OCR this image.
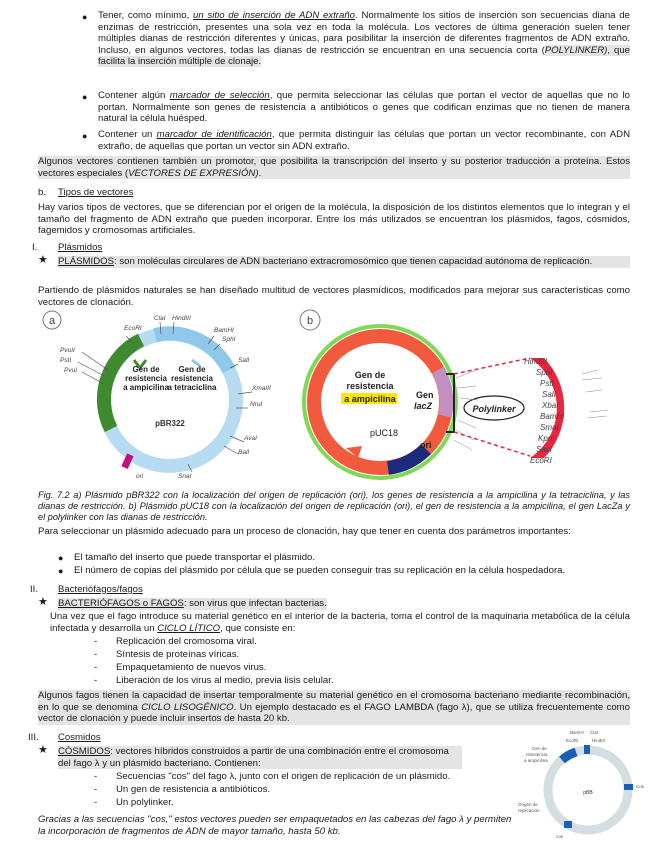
● Tener, como mínimo, un sitio de inserción de ADN extraño. Normalmente los sitios de inserción son secuencias diana de enzimas de restricción, presentes una sola vez en toda la molécula. Los vectores de última generación suelen tener múltiples dianas de restricción diferentes y únicas, para posibilitar la inserción de diferentes fragmentos de ADN extraño. Incluso, en algunos vectores, todas las dianas de restricción se encuentran en una secuencia corta (POLYLINKER), que facilita la inserción múltiple de clonaje.
● Contener algún marcador de selección, que permita seleccionar las células que portan el vector de aquellas que no lo portan. Normalmente son genes de resistencia a antibióticos o genes que codifican enzimas que no tienen de manera natural la célula huésped.
● Contener un marcador de identificación, que permita distinguir las células que portan un vector recombinante, con ADN extraño, de aquellas que portan un vector sin ADN extraño.
Algunos vectores contienen también un promotor, que posibilita la transcripción del inserto y su posterior traducción a proteína. Estos vectores especiales (VECTORES DE EXPRESIÓN).
b. Tipos de vectores
Hay varios tipos de vectores, que se diferencian por el origen de la molécula, la disposición de los distintos elementos que lo integran y el tamaño del fragmento de ADN extraño que pueden incorporar. Entre los más utilizados se encuentran los plásmidos, fagos, cósmidos, fagemidos y cromosomas artificiales.
I. Plásmidos
★ PLÁSMIDOS: son moléculas circulares de ADN bacteriano extracromosómico que tienen capacidad autónoma de replicación.
Partiendo de plásmidos naturales se han diseñado multitud de vectores plasmídicos, modificados para mejorar sus características como vectores de clonación.
a
Gen de
resistencia
a ampicilina
Gen de
resistencia
a tetraciclina
pBR322
EcoRI
ClaI HindIII
BamHI
SphI
SalI
XmaIII
NruI
AvaI
BalI
SnaI
PvuII
PstI
PvuI
ori
b
Gen de
resistencia
a ampicilina
pUC18
ori
Gen
lacZ	Polylinker
HindIII
SphI
PstI
SalI
XbaI
BamHI
SmaI
KpnI
SacI
EcoRI
Fig. 7.2 a) Plásmido pBR322 con la localización del origen de replicación (ori), los genes de resistencia a la ampicilina y la tetraciclina, y las dianas de restricción. b) Plásmido pUC18 con la localización del origen de replicación (ori), el gen de resistencia a la ampicilina, el gen LacZa y el polylinker con las dianas de restricción.
Para seleccionar un plásmido adecuado para un proceso de clonación, hay que tener en cuenta dos parámetros importantes:
● El tamaño del inserto que puede transportar el plásmido.
● El número de copias del plásmido por célula que se pueden conseguir tras su replicación en la célula hospedadora.
II. Bacteriófagos/fagos
★ BACTERIÓFAGOS o FAGOS: son virus que infectan bacterias.
Una vez que el fago introduce su material genético en el interior de la bacteria, toma el control de la maquinaria metabólica de la célula infectada y desarrolla un CICLO LÍTICO, que consiste en:
- Replicación del cromosoma viral.
- Síntesis de proteínas víricas.
- Empaquetamiento de nuevos virus.
- Liberación de los virus al medio, previa lisis celular.
Algunos fagos tienen la capacidad de insertar temporalmente su material genético en el cromosoma bacteriano mediante recombinación, en lo que se denomina CICLO LISOGÉNICO. Un ejemplo destacado es el FAGO LAMBDA (fago λ), que se utiliza frecuentemente como vector de clonación y puede incluir insertos de hasta 20 kb.
III. Cosmidos
★ CÓSMIDOS: vectores híbridos construidos a partir de una combinación entre el cromosoma del fago λ y un plásmido bacteriano. Contienen:
- Secuencias "cos" del fago λ, junto con el origen de replicación de un plásmido.
- Un gen de resistencia a antibióticos.
- Un polylinker.
Gracias a las secuencias "cos," estos vectores pueden ser empaquetados en las cabezas del fago λ y permiten la incorporación de fragmentos de ADN de mayor tamaño, hasta 50 kb.
pBB
Gen de
resistencia
a ampicilina
BamHI ClaI
EcoRI	HindIII
Cos
Origen de
replicación
cos
